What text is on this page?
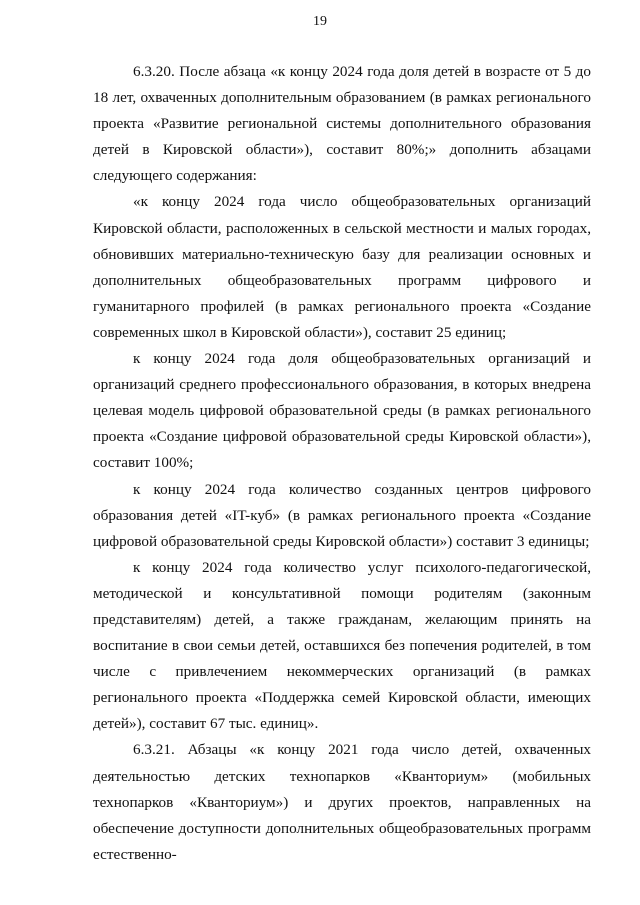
19

6.3.20. После абзаца «к концу 2024 года доля детей в возрасте от 5 до 18 лет, охваченных дополнительным образованием (в рамках регионального проекта «Развитие региональной системы дополнительного образования детей в Кировской области»), составит 80%;» дополнить абзацами следующего содержания:

«к концу 2024 года число общеобразовательных организаций Кировской области, расположенных в сельской местности и малых городах, обновивших материально-техническую базу для реализации основных и дополнительных общеобразовательных программ цифрового и гуманитарного профилей (в рамках регионального проекта «Создание современных школ в Кировской области»), составит 25 единиц;

к концу 2024 года доля общеобразовательных организаций и организаций среднего профессионального образования, в которых внедрена целевая модель цифровой образовательной среды (в рамках регионального проекта «Создание цифровой образовательной среды Кировской области»), составит 100%;

к концу 2024 года количество созданных центров цифрового образования детей «IT-куб» (в рамках регионального проекта «Создание цифровой образовательной среды Кировской области») составит 3 единицы;

к концу 2024 года количество услуг психолого-педагогической, методической и консультативной помощи родителям (законным представителям) детей, а также гражданам, желающим принять на воспитание в свои семьи детей, оставшихся без попечения родителей, в том числе с привлечением некоммерческих организаций (в рамках регионального проекта «Поддержка семей Кировской области, имеющих детей»), составит 67 тыс. единиц».

6.3.21. Абзацы «к концу 2021 года число детей, охваченных деятельностью детских технопарков «Кванториум» (мобильных технопарков «Кванториум») и других проектов, направленных на обеспечение доступности дополнительных общеобразовательных программ естественно-
